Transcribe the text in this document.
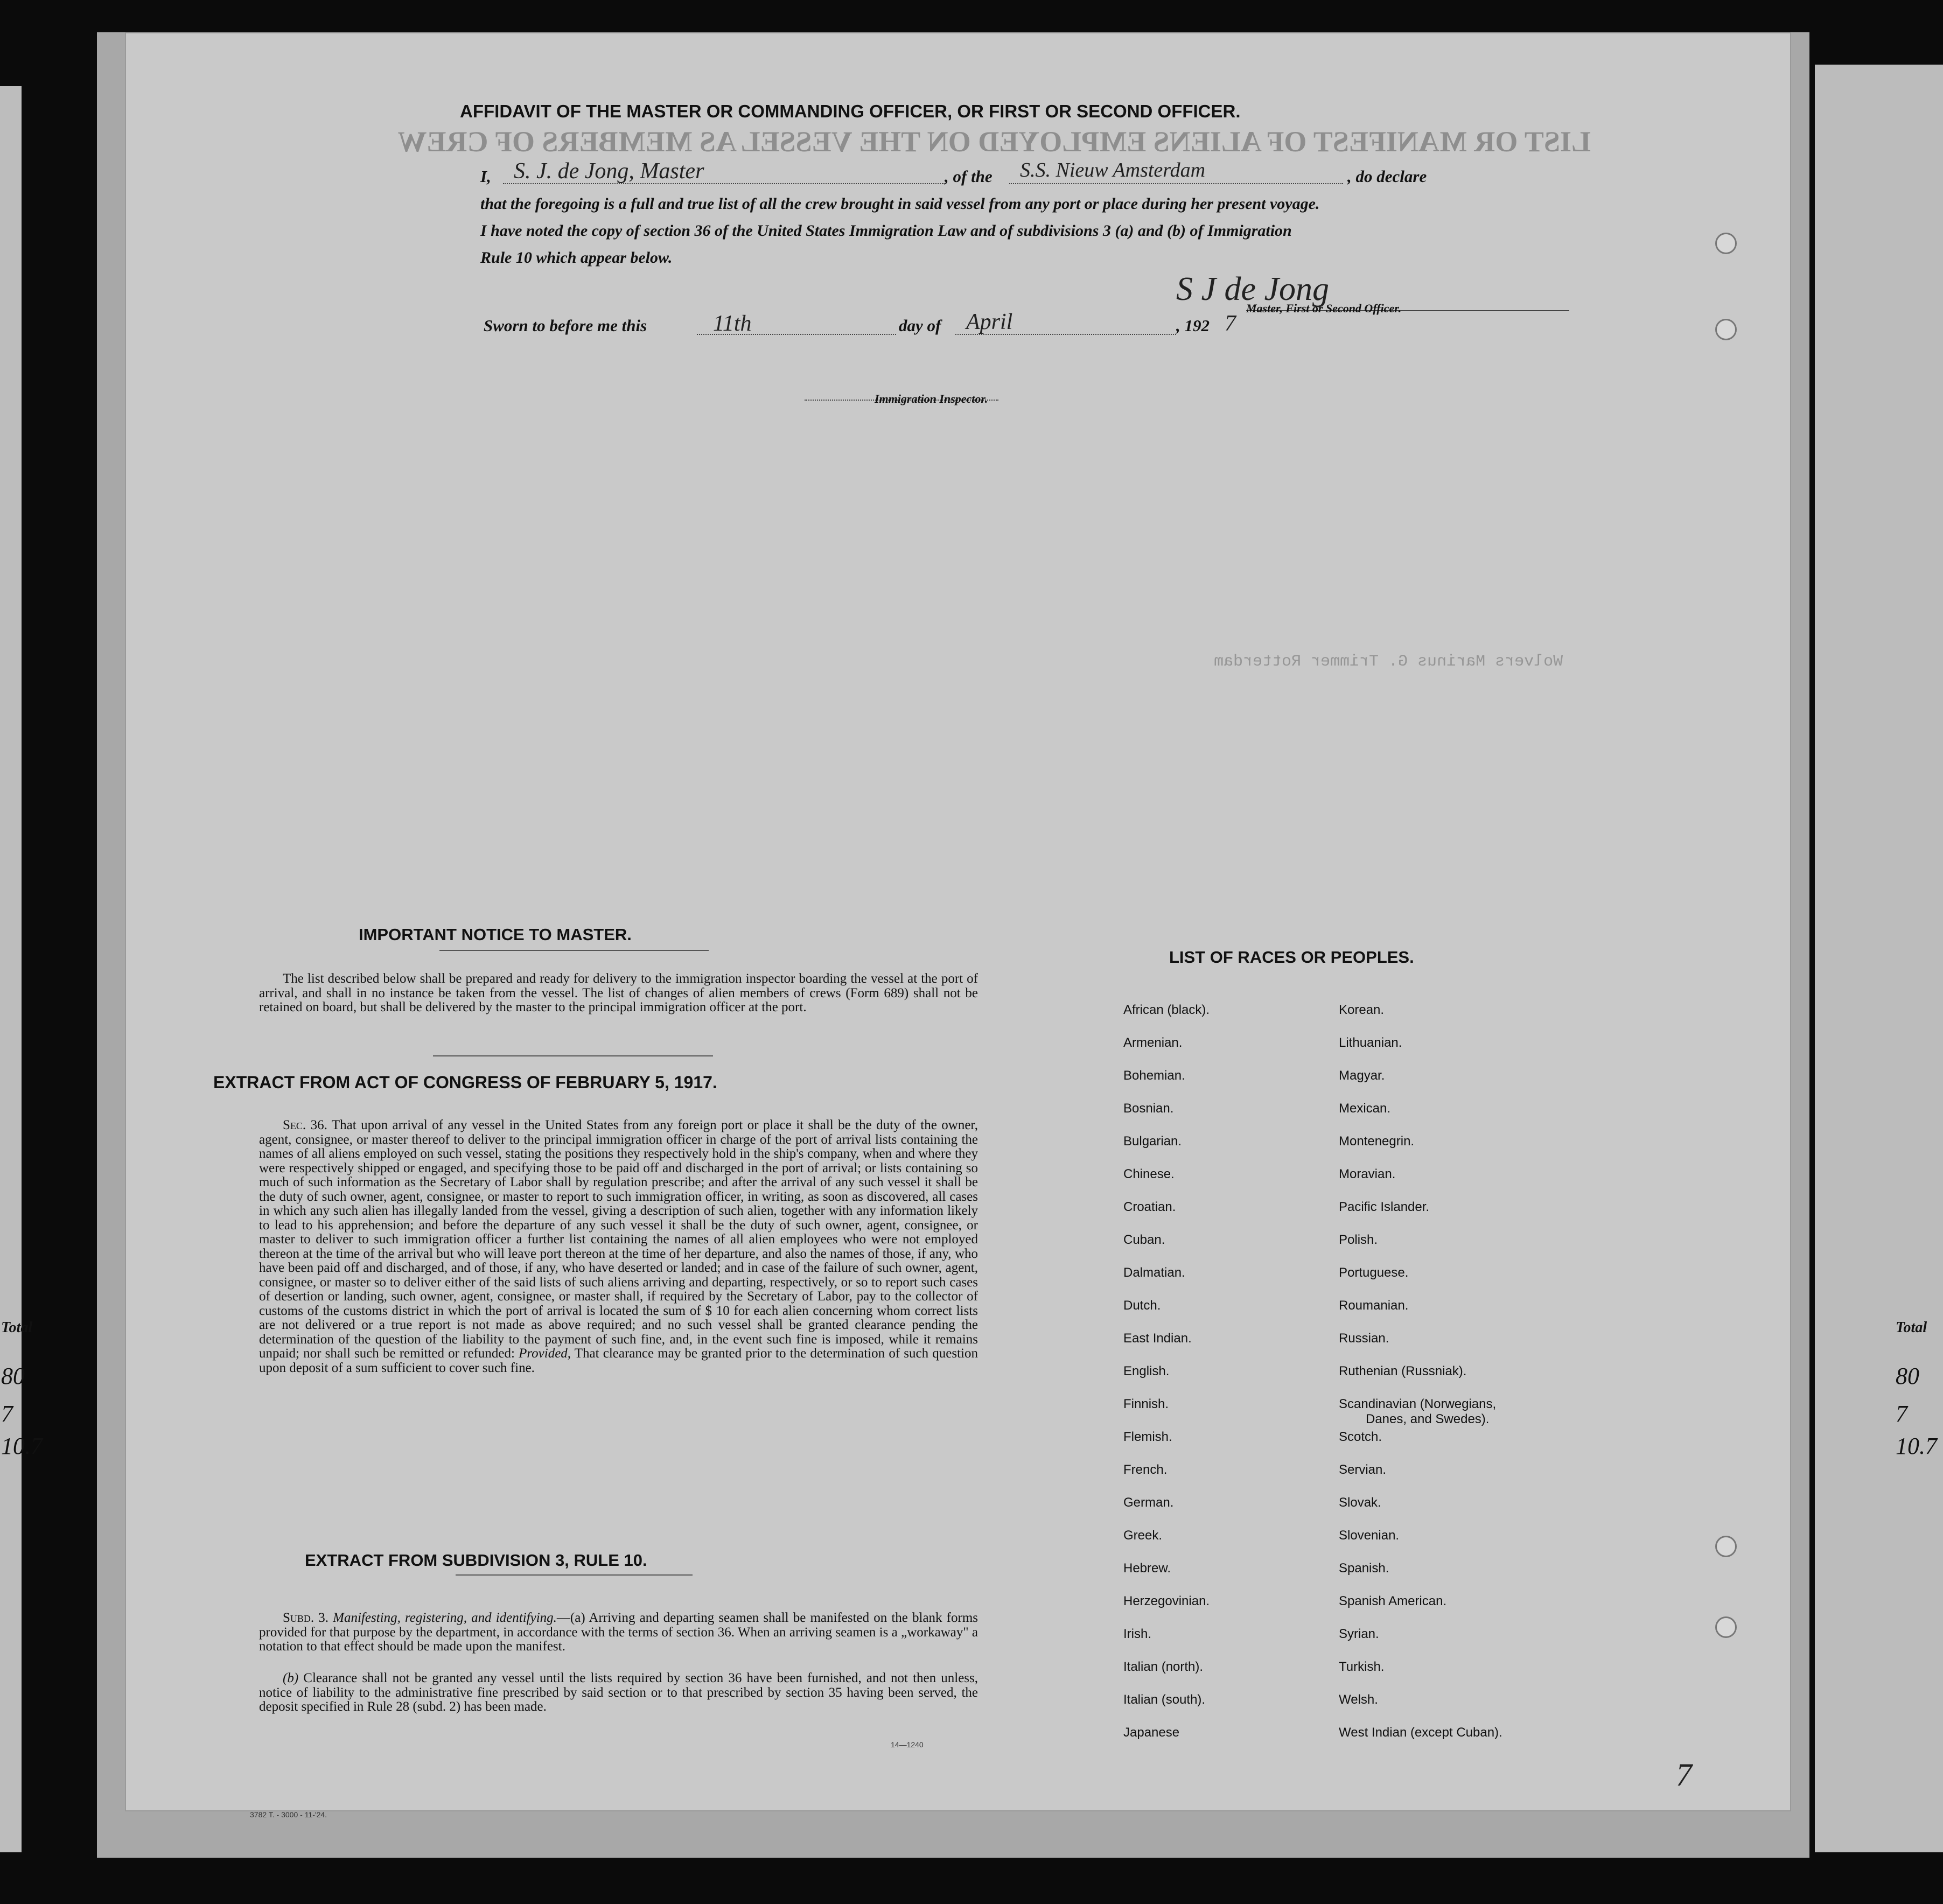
LIST OR MANIFEST OF ALIENS EMPLOYED ON THE VESSEL AS MEMBERS OF CREW
Wolvers Marinus G. Trimmer Rotterdam
AFFIDAVIT OF THE MASTER OR COMMANDING OFFICER, OR FIRST OR SECOND OFFICER.
I, S. J. de Jong, Master	, of the S.S. Nieuw Amsterdam	, do declare
that the foregoing is a full and true list of all the crew brought in said vessel from any port or place during her present voyage.
I have noted the copy of section 36 of the United States Immigration Law and of subdivisions 3 (a) and (b) of Immigration
Rule 10 which appear below.
S J de Jong
Master, First or Second Officer.
Sworn to before me this	11th	day of April	, 192 7
Immigration Inspector.
IMPORTANT NOTICE TO MASTER.
The list described below shall be prepared and ready for delivery to the immigration inspector boarding the vessel at the port of arrival, and shall in no instance be taken from the vessel. The list of changes of alien members of crews (Form 689) shall not be retained on board, but shall be delivered by the master to the principal immigration officer at the port.
EXTRACT FROM ACT OF CONGRESS OF FEBRUARY 5, 1917.
Sec. 36. That upon arrival of any vessel in the United States from any foreign port or place it shall be the duty of the owner, agent, consignee, or master thereof to deliver to the principal immigration officer in charge of the port of arrival lists containing the names of all aliens employed on such vessel, stating the positions they respectively hold in the ship's company, when and where they were respectively shipped or engaged, and specifying those to be paid off and discharged in the port of arrival; or lists containing so much of such information as the Secretary of Labor shall by regulation prescribe; and after the arrival of any such vessel it shall be the duty of such owner, agent, consignee, or master to report to such immigration officer, in writing, as soon as discovered, all cases in which any such alien has illegally landed from the vessel, giving a description of such alien, together with any information likely to lead to his apprehension; and before the departure of any such vessel it shall be the duty of such owner, agent, consignee, or master to deliver to such immigration officer a further list containing the names of all alien employees who were not employed thereon at the time of the arrival but who will leave port thereon at the time of her departure, and also the names of those, if any, who have been paid off and discharged, and of those, if any, who have deserted or landed; and in case of the failure of such owner, agent, consignee, or master so to deliver either of the said lists of such aliens arriving and departing, respectively, or so to report such cases of desertion or landing, such owner, agent, consignee, or master shall, if required by the Secretary of Labor, pay to the collector of customs of the customs district in which the port of arrival is located the sum of $ 10 for each alien concerning whom correct lists are not delivered or a true report is not made as above required; and no such vessel shall be granted clearance pending the determination of the question of the liability to the payment of such fine, and, in the event such fine is imposed, while it remains unpaid; nor shall such be remitted or refunded: Provided, That clearance may be granted prior to the determination of such question upon deposit of a sum sufficient to cover such fine.
EXTRACT FROM SUBDIVISION 3, RULE 10.
Subd. 3. Manifesting, registering, and identifying.—(a) Arriving and departing seamen shall be manifested on the blank forms provided for that purpose by the department, in accordance with the terms of section 36. When an arriving seamen is a „workaway" a notation to that effect should be made upon the manifest.
(b) Clearance shall not be granted any vessel until the lists required by section 36 have been furnished, and not then unless, notice of liability to the administrative fine prescribed by said section or to that prescribed by section 35 having been served, the deposit specified in Rule 28 (subd. 2) has been made.
14—1240
3782 T. - 3000 - 11-'24.
7
LIST OF RACES OR PEOPLES.
Danes, and Swedes).
African (black).
Armenian.
Bohemian.
Bosnian.
Bulgarian.
Chinese.
Croatian.
Cuban.
Dalmatian.
Dutch.
East Indian.
English.
Finnish.
Flemish.
French.
German.
Greek.
Hebrew.
Herzegovinian.
Irish.
Italian (north).
Italian (south).
Japanese
Korean.
Lithuanian.
Magyar.
Mexican.
Montenegrin.
Moravian.
Pacific Islander.
Polish.
Portuguese.
Roumanian.
Russian.
Ruthenian (Russniak).
Scandinavian (Norwegians,
Scotch.
Servian.
Slovak.
Slovenian.
Spanish.
Spanish American.
Syrian.
Turkish.
Welsh.
West Indian (except Cuban).
Total
80
7
10.7
Total
80
7
10.7
